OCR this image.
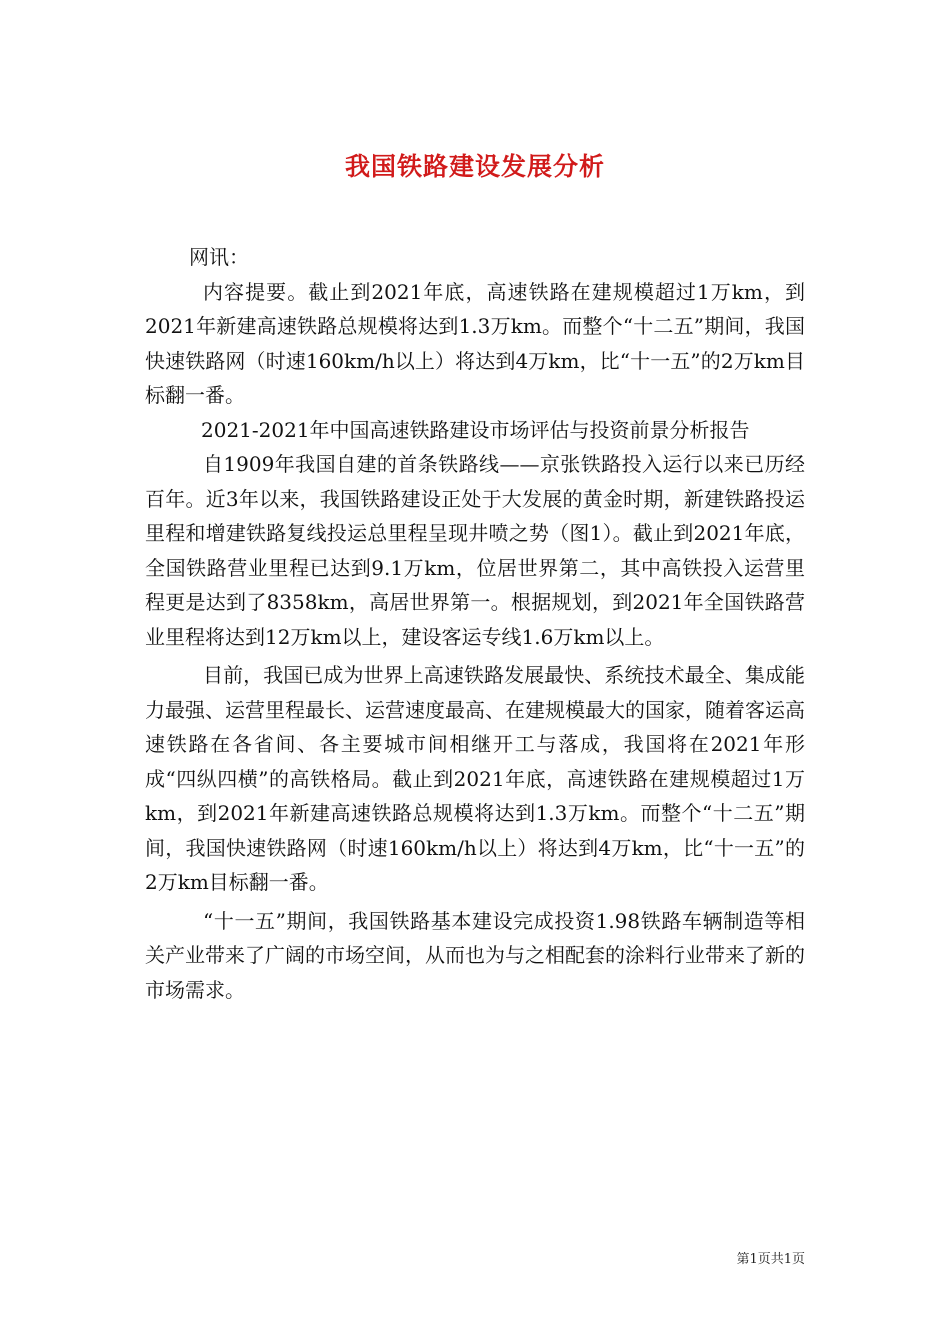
我国铁路建设发展分析

网讯：

内容提要。截止到2021年底，高速铁路在建规模超过1万km，到2021年新建高速铁路总规模将达到1.3万km。而整个“十二五”期间，我国快速铁路网（时速160km/h以上）将达到4万km，比“十一五”的2万km目标翻一番。

2021-2021年中国高速铁路建设市场评估与投资前景分析报告

自1909年我国自建的首条铁路线——京张铁路投入运行以来已历经百年。近3年以来，我国铁路建设正处于大发展的黄金时期，新建铁路投运里程和增建铁路复线投运总里程呈现井喷之势（图1）。截止到2021年底，全国铁路营业里程已达到9.1万km，位居世界第二，其中高铁投入运营里程更是达到了8358km，高居世界第一。根据规划，到2021年全国铁路营业里程将达到12万km以上，建设客运专线1.6万km以上。

目前，我国已成为世界上高速铁路发展最快、系统技术最全、集成能力最强、运营里程最长、运营速度最高、在建规模最大的国家，随着客运高速铁路在各省间、各主要城市间相继开工与落成，我国将在2021年形成“四纵四横”的高铁格局。截止到2021年底，高速铁路在建规模超过1万km，到2021年新建高速铁路总规模将达到1.3万km。而整个“十二五”期间，我国快速铁路网（时速160km/h以上）将达到4万km，比“十一五”的2万km目标翻一番。

“十一五”期间，我国铁路基本建设完成投资1.98铁路车辆制造等相关产业带来了广阔的市场空间，从而也为与之相配套的涂料行业带来了新的市场需求。

第1页共1页
